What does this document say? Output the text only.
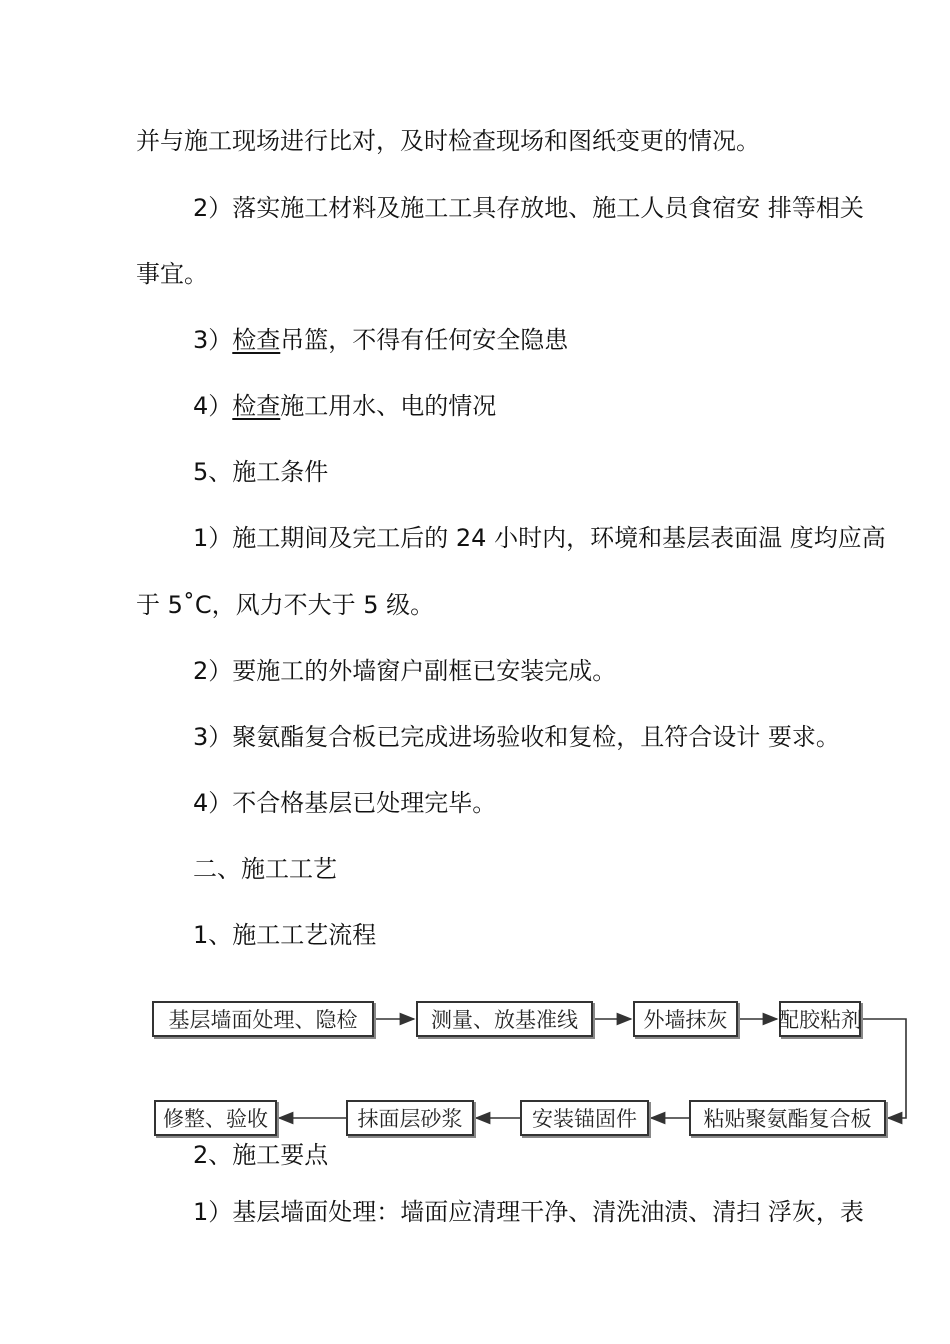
并与施工现场进行比对，及时检查现场和图纸变更的情况。
2）落实施工材料及施工工具存放地、施工人员食宿安 排等相关
事宜。
3）检查吊篮，不得有任何安全隐患
4）检查施工用水、电的情况
5、施工条件
1）施工期间及完工后的 24 小时内，环境和基层表面温 度均应高
于 5˚C，风力不大于 5 级。
2）要施工的外墙窗户副框已安装完成。
3）聚氨酯复合板已完成进场验收和复检，且符合设计 要求。
4）不合格基层已处理完毕。
二、施工工艺
1、施工工艺流程
基层墙面处理、隐检	测量、放基准线	外墙抹灰	配胶粘剂
修整、验收	抹面层砂浆	安装锚固件	粘贴聚氨酯复合板
2、施工要点
1）基层墙面处理：墙面应清理干净、清洗油渍、清扫 浮灰，表
